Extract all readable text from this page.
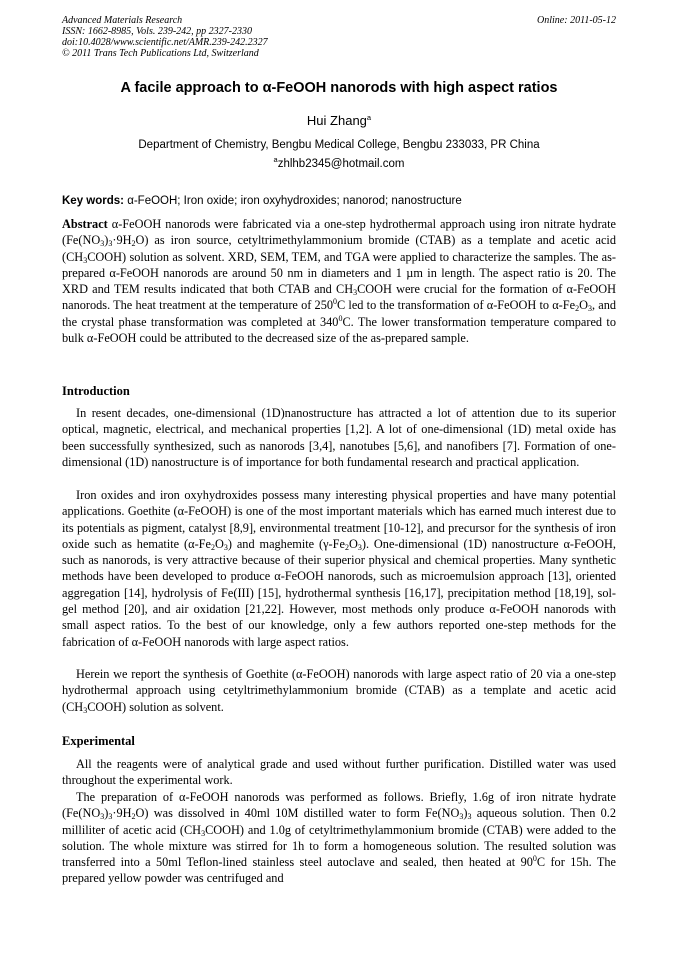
Advanced Materials Research
ISSN: 1662-8985, Vols. 239-242, pp 2327-2330
doi:10.4028/www.scientific.net/AMR.239-242.2327
© 2011 Trans Tech Publications Ltd, Switzerland
Online: 2011-05-12
A facile approach to α-FeOOH nanorods with high aspect ratios
Hui Zhang$^a$
Department of Chemistry, Bengbu Medical College, Bengbu 233033, PR China
$^a$zhlhb2345@hotmail.com
Key words: α-FeOOH; Iron oxide; iron oxyhydroxides; nanorod; nanostructure
Abstract α-FeOOH nanorods were fabricated via a one-step hydrothermal approach using iron nitrate hydrate $(Fe(NO_3)_3\cdot 9H_2O)$ as iron source, cetyltrimethylammonium bromide (CTAB) as a template and acetic acid $(CH_3COOH)$ solution as solvent. XRD, SEM, TEM, and TGA were applied to characterize the samples. The as-prepared α-FeOOH nanorods are around 50 nm in diameters and 1 µm in length. The aspect ratio is 20. The XRD and TEM results indicated that both CTAB and $CH_3COOH$ were crucial for the formation of α-FeOOH nanorods. The heat treatment at the temperature of $250^0C$ led to the transformation of α-FeOOH to $\alpha-Fe_2O_3$, and the crystal phase transformation was completed at $340^0C$. The lower transformation temperature compared to bulk α-FeOOH could be attributed to the decreased size of the as-prepared sample.
Introduction
In resent decades, one-dimensional (1D)nanostructure has attracted a lot of attention due to its superior optical, magnetic, electrical, and mechanical properties [1,2]. A lot of one-dimensional (1D) metal oxide has been successfully synthesized, such as nanorods [3,4], nanotubes [5,6], and nanofibers [7]. Formation of one-dimensional (1D) nanostructure is of importance for both fundamental research and practical application.
Iron oxides and iron oxyhydroxides possess many interesting physical properties and have many potential applications. Goethite (α-FeOOH) is one of the most important materials which has earned much interest due to its potentials as pigment, catalyst [8,9], environmental treatment [10-12], and precursor for the synthesis of iron oxide such as hematite $(\alpha-Fe_2O_3)$ and maghemite $(\gamma-Fe_2O_3)$. One-dimensional (1D) nanostructure α-FeOOH, such as nanorods, is very attractive because of their superior physical and chemical properties. Many synthetic methods have been developed to produce α-FeOOH nanorods, such as microemulsion approach [13], oriented aggregation [14], hydrolysis of Fe(III) [15], hydrothermal synthesis [16,17], precipitation method [18,19], sol-gel method [20], and air oxidation [21,22]. However, most methods only produce α-FeOOH nanorods with small aspect ratios. To the best of our knowledge, only a few authors reported one-step methods for the fabrication of α-FeOOH nanorods with large aspect ratios.
Herein we report the synthesis of Goethite (α-FeOOH) nanorods with large aspect ratio of 20 via a one-step hydrothermal approach using cetyltrimethylammonium bromide (CTAB) as a template and acetic acid $(CH_3COOH)$ solution as solvent.
Experimental
All the reagents were of analytical grade and used without further purification. Distilled water was used throughout the experimental work.
The preparation of α-FeOOH nanorods was performed as follows. Briefly, 1.6g of iron nitrate hydrate $(Fe(NO_3)_3\cdot 9H_2O)$ was dissolved in 40ml 10M distilled water to form $Fe(NO_3)_3$ aqueous solution. Then 0.2 milliliter of acetic acid $(CH_3COOH)$ and 1.0g of cetyltrimethylammonium bromide (CTAB) were added to the solution. The whole mixture was stirred for 1h to form a homogeneous solution. The resulted solution was transferred into a 50ml Teflon-lined stainless steel autoclave and sealed, then heated at $90^0C$ for 15h. The prepared yellow powder was centrifuged and
